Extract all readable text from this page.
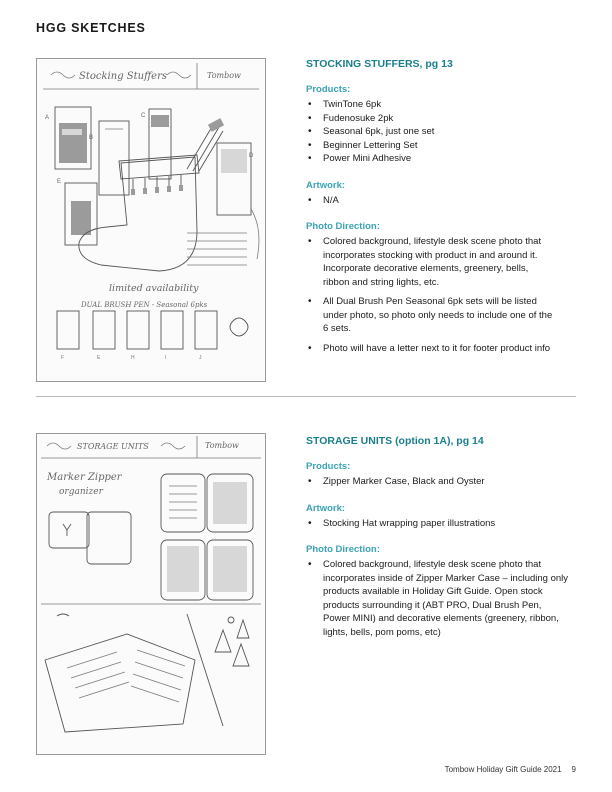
HGG SKETCHES
Stocking Stuffers	Tombow
A
B
C
D
E
limited availability
DUAL BRUSH PEN - Seasonal 6pks
F	E	H	I	J
STOCKING STUFFERS, pg 13
Products:
• TwinTone 6pk
• Fudenosuke 2pk
• Seasonal 6pk, just one set
• Beginner Lettering Set
• Power Mini Adhesive
Artwork:
• N/A
Photo Direction:
• Colored background, lifestyle desk scene photo that incorporates stocking with product in and around it. Incorporate decorative elements, greenery, bells, ribbon and string lights, etc.
• All Dual Brush Pen Seasonal 6pk sets will be listed under photo, so photo only needs to include one of the 6 sets.
• Photo will have a letter next to it for footer product info
STORAGE UNITS	Tombow
Marker Zipper
organizer
STORAGE UNITS (option 1A), pg 14
Products:
• Zipper Marker Case, Black and Oyster
Artwork:
• Stocking Hat wrapping paper illustrations
Photo Direction:
• Colored background, lifestyle desk scene photo that incorporates inside of Zipper Marker Case – including only products available in Holiday Gift Guide. Open stock products surrounding it (ABT PRO, Dual Brush Pen, Power MINI) and decorative elements (greenery, ribbon, lights, bells, pom poms, etc)
Tombow Holiday Gift Guide 2021 9
